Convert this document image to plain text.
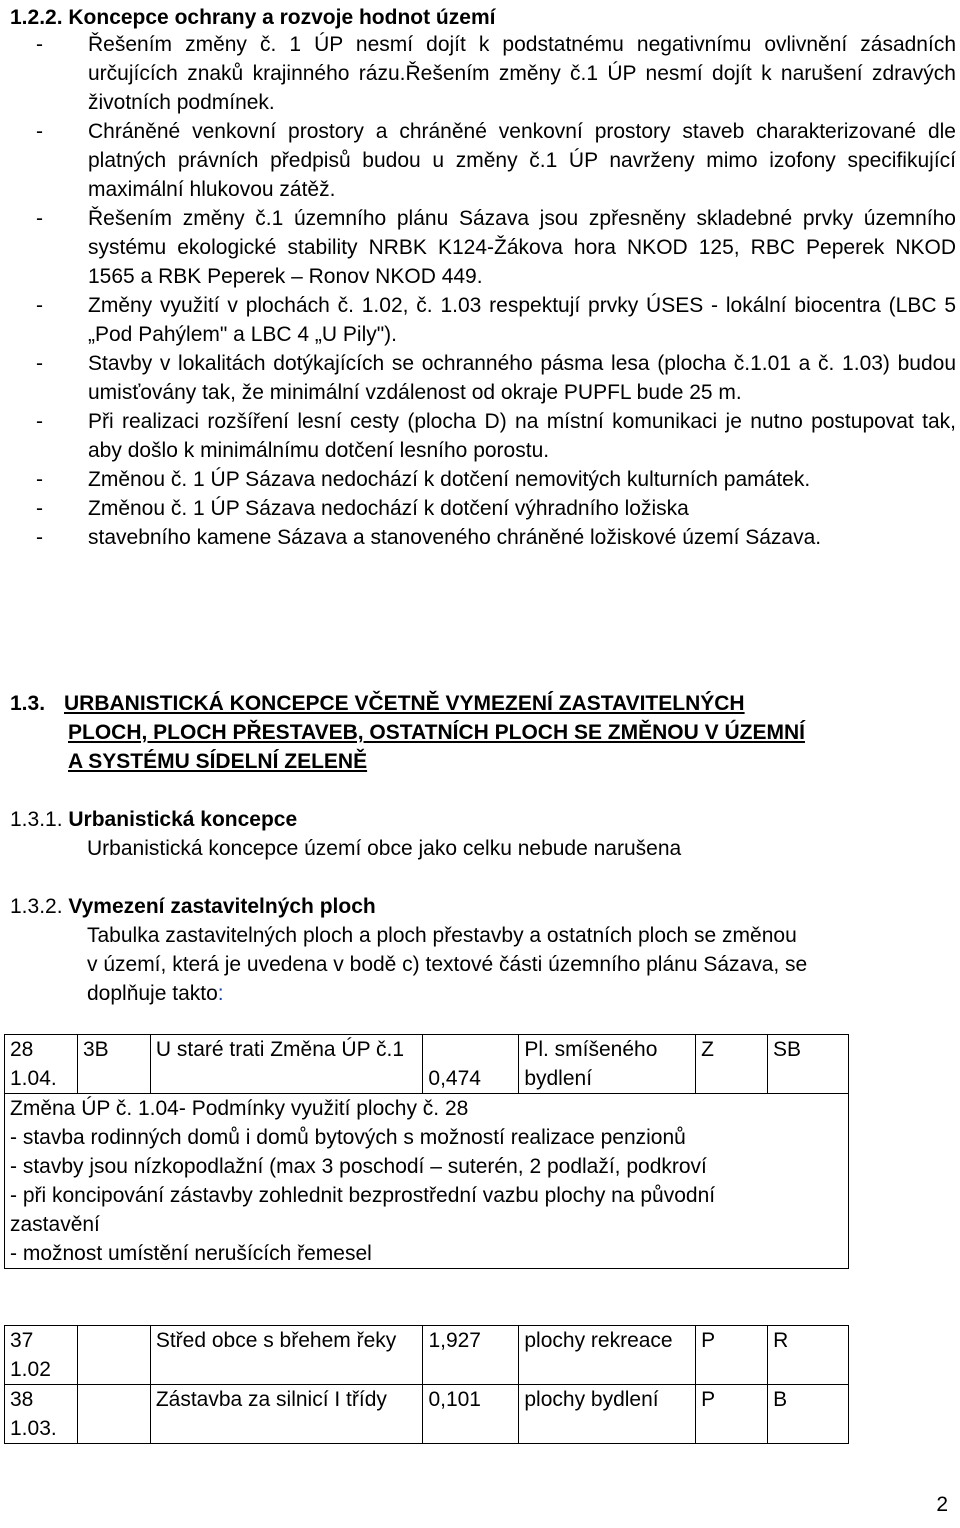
1.2.2. Koncepce ochrany a rozvoje hodnot území
-	Řešením změny č. 1 ÚP nesmí dojít k podstatnému negativnímu ovlivnění zásadních určujících znaků krajinného rázu.Řešením změny č.1 ÚP nesmí dojít k narušení zdravých životních podmínek.
-	Chráněné venkovní prostory a chráněné venkovní prostory staveb charakterizované dle platných právních předpisů budou u změny č.1 ÚP navrženy mimo izofony specifikující maximální hlukovou zátěž.
-	Řešením změny č.1 územního plánu Sázava jsou zpřesněny skladebné prvky územního systému ekologické stability NRBK K124-Žákova hora NKOD 125, RBC Peperek NKOD 1565 a RBK Peperek – Ronov NKOD 449.
-	Změny využití v plochách č. 1.02, č. 1.03 respektují prvky ÚSES - lokální biocentra (LBC 5 „Pod Pahýlem" a LBC 4 „U Pily").
-	Stavby v lokalitách dotýkajících se ochranného pásma lesa (plocha č.1.01 a č. 1.03) budou umisťovány tak, že minimální vzdálenost od okraje PUPFL bude 25 m.
-	Při realizaci rozšíření lesní cesty (plocha D) na místní komunikaci je nutno postupovat tak, aby došlo k minimálnímu dotčení lesního porostu.
-	Změnou č. 1 ÚP Sázava nedochází k dotčení nemovitých kulturních památek.
-	Změnou č. 1 ÚP Sázava nedochází k dotčení výhradního ložiska
-	stavebního kamene Sázava a stanoveného chráněné ložiskové území Sázava.
1.3. URBANISTICKÁ KONCEPCE VČETNĚ VYMEZENÍ ZASTAVITELNÝCH
PLOCH, PLOCH PŘESTAVEB, OSTATNÍCH PLOCH SE ZMĚNOU V ÚZEMNÍ
A SYSTÉMU SÍDELNÍ ZELENĚ
1.3.1. Urbanistická koncepce
Urbanistická koncepce území obce jako celku nebude narušena
1.3.2. Vymezení zastavitelných ploch
Tabulka zastavitelných ploch a ploch přestavby a ostatních ploch se změnou
v území, která je uvedena v bodě c) textové části územního plánu Sázava, se
doplňuje takto:
28 1.04.	3B	U staré trati Změna ÚP č.1	0,474	Pl. smíšeného bydlení	Z	SB

Změna ÚP č. 1.04- Podmínky využití plochy č. 28
- stavba rodinných domů i domů bytových s možností realizace penzionů
- stavby jsou nízkopodlažní (max 3 poschodí – suterén, 2 podlaží, podkroví
- při koncipování zástavby zohlednit bezprostřední vazbu plochy na původní zastavění
- možnost umístění nerušících řemesel
37 1.02		Střed obce s břehem řeky	1,927	plochy rekreace	P	R
38 1.03.		Zástavba za silnicí I třídy	0,101	plochy bydlení	P	B
2
